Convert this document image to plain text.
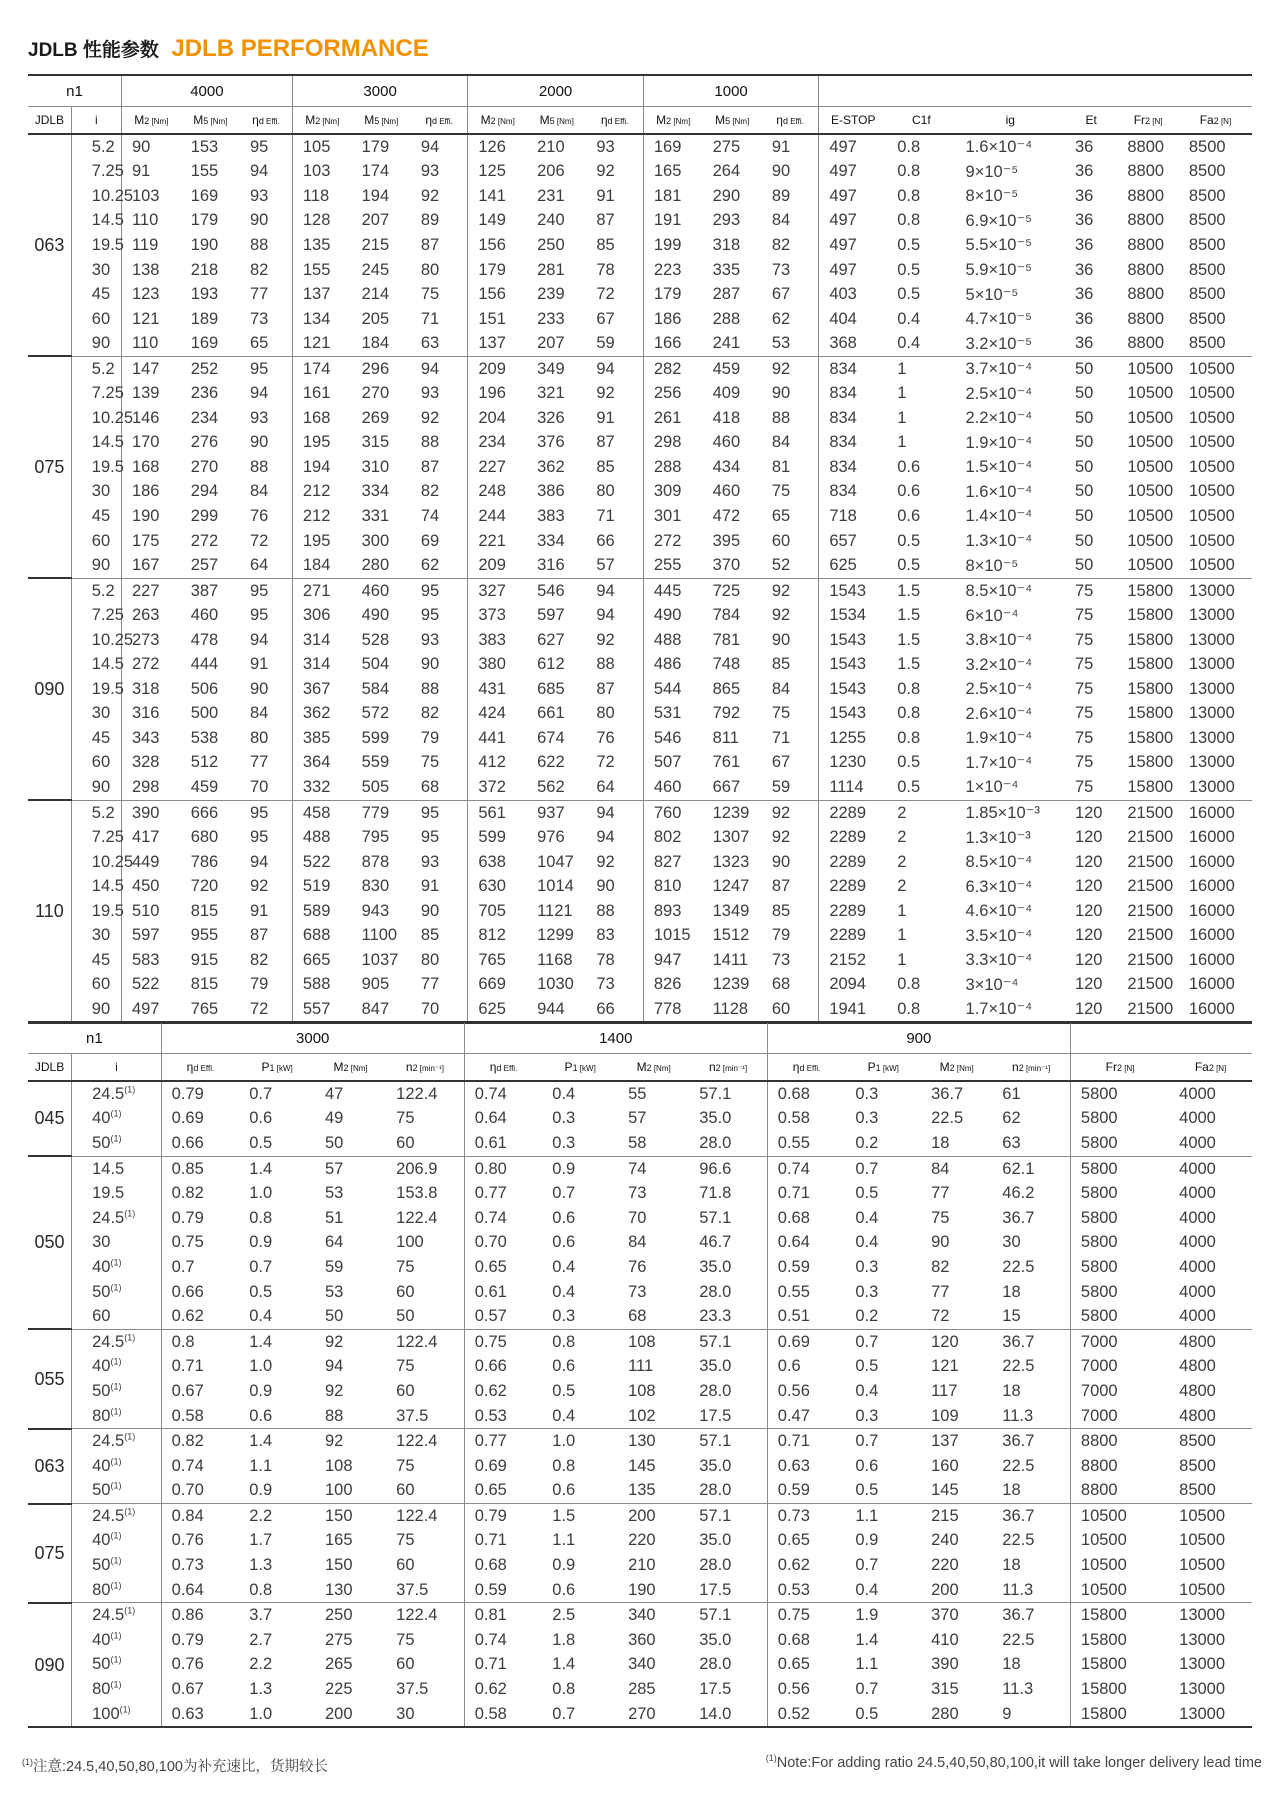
JDLB 性能参数 JDLB PERFORMANCE
n1		4000			3000			2000			1000								
JDLB	i	M2 [Nm]	M5 [Nm]	ηd Effi.	M2 [Nm]	M5 [Nm]	ηd Effi.	M2 [Nm]	M5 [Nm]	ηd Effi.	M2 [Nm]	M5 [Nm]	ηd Effi.	E-STOP	C1f	ig	Et	Fr2 [N]	Fa2 [N]
063	5.2	90	153	95	105	179	94	126	210	93	169	275	91	497	0.8	1.6×10⁻⁴	36	8800	8500
	7.25	91	155	94	103	174	93	125	206	92	165	264	90	497	0.8	9×10⁻⁵	36	8800	8500
	10.25	103	169	93	118	194	92	141	231	91	181	290	89	497	0.8	8×10⁻⁵	36	8800	8500
	14.5	110	179	90	128	207	89	149	240	87	191	293	84	497	0.8	6.9×10⁻⁵	36	8800	8500
	19.5	119	190	88	135	215	87	156	250	85	199	318	82	497	0.5	5.5×10⁻⁵	36	8800	8500
	30	138	218	82	155	245	80	179	281	78	223	335	73	497	0.5	5.9×10⁻⁵	36	8800	8500
	45	123	193	77	137	214	75	156	239	72	179	287	67	403	0.5	5×10⁻⁵	36	8800	8500
	60	121	189	73	134	205	71	151	233	67	186	288	62	404	0.4	4.7×10⁻⁵	36	8800	8500
	90	110	169	65	121	184	63	137	207	59	166	241	53	368	0.4	3.2×10⁻⁵	36	8800	8500
075	5.2	147	252	95	174	296	94	209	349	94	282	459	92	834	1	3.7×10⁻⁴	50	10500	10500
	7.25	139	236	94	161	270	93	196	321	92	256	409	90	834	1	2.5×10⁻⁴	50	10500	10500
	10.25	146	234	93	168	269	92	204	326	91	261	418	88	834	1	2.2×10⁻⁴	50	10500	10500
	14.5	170	276	90	195	315	88	234	376	87	298	460	84	834	1	1.9×10⁻⁴	50	10500	10500
	19.5	168	270	88	194	310	87	227	362	85	288	434	81	834	0.6	1.5×10⁻⁴	50	10500	10500
	30	186	294	84	212	334	82	248	386	80	309	460	75	834	0.6	1.6×10⁻⁴	50	10500	10500
	45	190	299	76	212	331	74	244	383	71	301	472	65	718	0.6	1.4×10⁻⁴	50	10500	10500
	60	175	272	72	195	300	69	221	334	66	272	395	60	657	0.5	1.3×10⁻⁴	50	10500	10500
	90	167	257	64	184	280	62	209	316	57	255	370	52	625	0.5	8×10⁻⁵	50	10500	10500
090	5.2	227	387	95	271	460	95	327	546	94	445	725	92	1543	1.5	8.5×10⁻⁴	75	15800	13000
	7.25	263	460	95	306	490	95	373	597	94	490	784	92	1534	1.5	6×10⁻⁴	75	15800	13000
	10.25	273	478	94	314	528	93	383	627	92	488	781	90	1543	1.5	3.8×10⁻⁴	75	15800	13000
	14.5	272	444	91	314	504	90	380	612	88	486	748	85	1543	1.5	3.2×10⁻⁴	75	15800	13000
	19.5	318	506	90	367	584	88	431	685	87	544	865	84	1543	0.8	2.5×10⁻⁴	75	15800	13000
	30	316	500	84	362	572	82	424	661	80	531	792	75	1543	0.8	2.6×10⁻⁴	75	15800	13000
	45	343	538	80	385	599	79	441	674	76	546	811	71	1255	0.8	1.9×10⁻⁴	75	15800	13000
	60	328	512	77	364	559	75	412	622	72	507	761	67	1230	0.5	1.7×10⁻⁴	75	15800	13000
	90	298	459	70	332	505	68	372	562	64	460	667	59	1114	0.5	1×10⁻⁴	75	15800	13000
110	5.2	390	666	95	458	779	95	561	937	94	760	1239	92	2289	2	1.85×10⁻³	120	21500	16000
	7.25	417	680	95	488	795	95	599	976	94	802	1307	92	2289	2	1.3×10⁻³	120	21500	16000
	10.25	449	786	94	522	878	93	638	1047	92	827	1323	90	2289	2	8.5×10⁻⁴	120	21500	16000
	14.5	450	720	92	519	830	91	630	1014	90	810	1247	87	2289	2	6.3×10⁻⁴	120	21500	16000
	19.5	510	815	91	589	943	90	705	1121	88	893	1349	85	2289	1	4.6×10⁻⁴	120	21500	16000
	30	597	955	87	688	1100	85	812	1299	83	1015	1512	79	2289	1	3.5×10⁻⁴	120	21500	16000
	45	583	915	82	665	1037	80	765	1168	78	947	1411	73	2152	1	3.3×10⁻⁴	120	21500	16000
	60	522	815	79	588	905	77	669	1030	73	826	1239	68	2094	0.8	3×10⁻⁴	120	21500	16000
	90	497	765	72	557	847	70	625	944	66	778	1128	60	1941	0.8	1.7×10⁻⁴	120	21500	16000
n1		3000				1400				900					
JDLB	i	ηd Effi.	P1 [kW]	M2 [Nm]	n2 [min⁻¹]	ηd Effi.	P1 [kW]	M2 [Nm]	n2 [min⁻¹]	ηd Effi.	P1 [kW]	M2 [Nm]	n2 [min⁻¹]	Fr2 [N]	Fa2 [N]
045	24.5$^{(1)}$	0.79	0.7	47	122.4	0.74	0.4	55	57.1	0.68	0.3	36.7	61	5800	4000
	40$^{(1)}$	0.69	0.6	49	75	0.64	0.3	57	35.0	0.58	0.3	22.5	62	5800	4000
	50$^{(1)}$	0.66	0.5	50	60	0.61	0.3	58	28.0	0.55	0.2	18	63	5800	4000
050	14.5	0.85	1.4	57	206.9	0.80	0.9	74	96.6	0.74	0.7	84	62.1	5800	4000
	19.5	0.82	1.0	53	153.8	0.77	0.7	73	71.8	0.71	0.5	77	46.2	5800	4000
	24.5$^{(1)}$	0.79	0.8	51	122.4	0.74	0.6	70	57.1	0.68	0.4	75	36.7	5800	4000
	30	0.75	0.9	64	100	0.70	0.6	84	46.7	0.64	0.4	90	30	5800	4000
	40$^{(1)}$	0.7	0.7	59	75	0.65	0.4	76	35.0	0.59	0.3	82	22.5	5800	4000
	50$^{(1)}$	0.66	0.5	53	60	0.61	0.4	73	28.0	0.55	0.3	77	18	5800	4000
	60	0.62	0.4	50	50	0.57	0.3	68	23.3	0.51	0.2	72	15	5800	4000
055	24.5$^{(1)}$	0.8	1.4	92	122.4	0.75	0.8	108	57.1	0.69	0.7	120	36.7	7000	4800
	40$^{(1)}$	0.71	1.0	94	75	0.66	0.6	111	35.0	0.6	0.5	121	22.5	7000	4800
	50$^{(1)}$	0.67	0.9	92	60	0.62	0.5	108	28.0	0.56	0.4	117	18	7000	4800
	80$^{(1)}$	0.58	0.6	88	37.5	0.53	0.4	102	17.5	0.47	0.3	109	11.3	7000	4800
063	24.5$^{(1)}$	0.82	1.4	92	122.4	0.77	1.0	130	57.1	0.71	0.7	137	36.7	8800	8500
	40$^{(1)}$	0.74	1.1	108	75	0.69	0.8	145	35.0	0.63	0.6	160	22.5	8800	8500
	50$^{(1)}$	0.70	0.9	100	60	0.65	0.6	135	28.0	0.59	0.5	145	18	8800	8500
075	24.5$^{(1)}$	0.84	2.2	150	122.4	0.79	1.5	200	57.1	0.73	1.1	215	36.7	10500	10500
	40$^{(1)}$	0.76	1.7	165	75	0.71	1.1	220	35.0	0.65	0.9	240	22.5	10500	10500
	50$^{(1)}$	0.73	1.3	150	60	0.68	0.9	210	28.0	0.62	0.7	220	18	10500	10500
	80$^{(1)}$	0.64	0.8	130	37.5	0.59	0.6	190	17.5	0.53	0.4	200	11.3	10500	10500
090	24.5$^{(1)}$	0.86	3.7	250	122.4	0.81	2.5	340	57.1	0.75	1.9	370	36.7	15800	13000
	40$^{(1)}$	0.79	2.7	275	75	0.74	1.8	360	35.0	0.68	1.4	410	22.5	15800	13000
	50$^{(1)}$	0.76	2.2	265	60	0.71	1.4	340	28.0	0.65	1.1	390	18	15800	13000
	80$^{(1)}$	0.67	1.3	225	37.5	0.62	0.8	285	17.5	0.56	0.7	315	11.3	15800	13000
	100$^{(1)}$	0.63	1.0	200	30	0.58	0.7	270	14.0	0.52	0.5	280	9	15800	13000
$^{(1)}$注意:24.5,40,50,80,100为补充速比，货期较长
$^{(1)}$Note:For adding ratio 24.5,40,50,80,100,it will take longer delivery lead time
